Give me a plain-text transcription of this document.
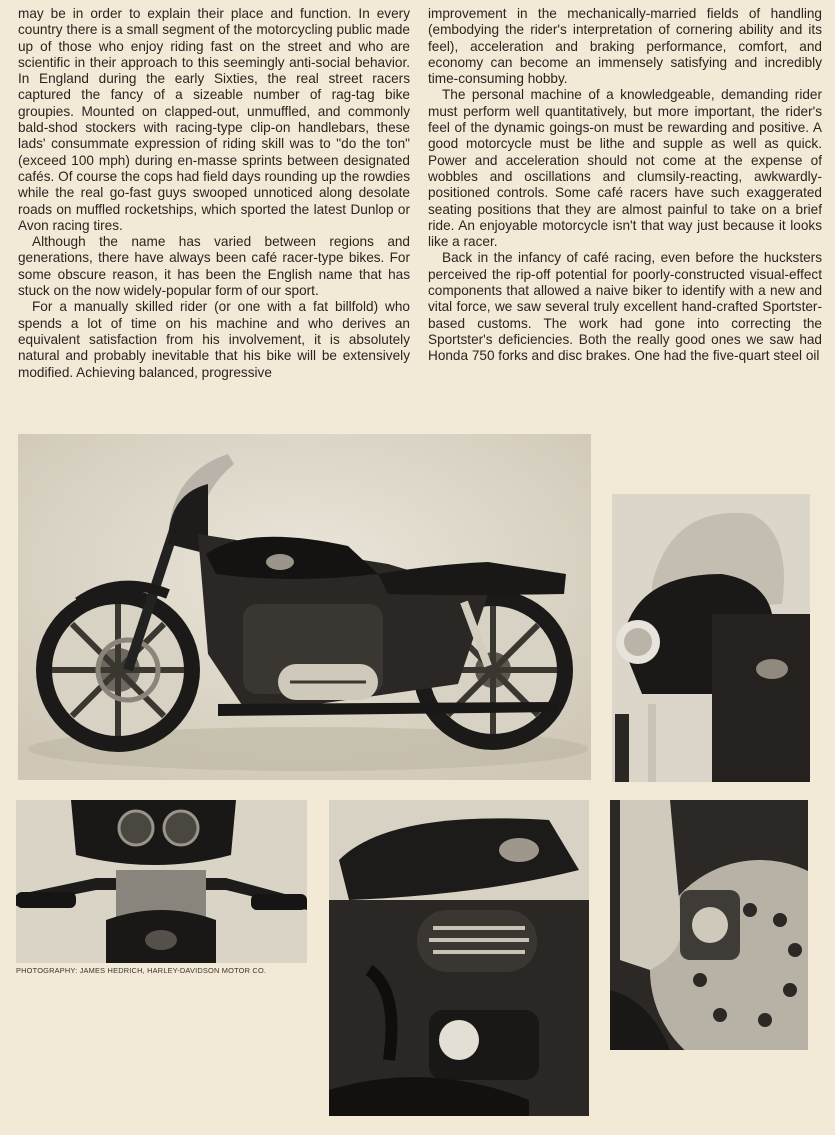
may be in order to explain their place and function. In every country there is a small segment of the motorcycling public made up of those who enjoy riding fast on the street and who are scientific in their approach to this seemingly anti-social behavior. In England during the early Sixties, the real street racers captured the fancy of a sizeable number of rag-tag bike groupies. Mounted on clapped-out, unmuffled, and commonly bald-shod stockers with racing-type clip-on handlebars, these lads' consummate expression of riding skill was to "do the ton" (exceed 100 mph) during en-masse sprints between designated cafés. Of course the cops had field days rounding up the rowdies while the real go-fast guys swooped unnoticed along desolate roads on muffled rocketships, which sported the latest Dunlop or Avon racing tires.

Although the name has varied between regions and generations, there have always been café racer-type bikes. For some obscure reason, it has been the English name that has stuck on the now widely-popular form of our sport.

For a manually skilled rider (or one with a fat billfold) who spends a lot of time on his machine and who derives an equivalent satisfaction from his involvement, it is absolutely natural and probably inevitable that his bike will be extensively modified. Achieving balanced, progressive

improvement in the mechanically-married fields of handling (embodying the rider's interpretation of cornering ability and its feel), acceleration and braking performance, comfort, and economy can become an immensely satisfying and incredibly time-consuming hobby.

The personal machine of a knowledgeable, demanding rider must perform well quantitatively, but more important, the rider's feel of the dynamic goings-on must be rewarding and positive. A good motorcycle must be lithe and supple as well as quick. Power and acceleration should not come at the expense of wobbles and oscillations and clumsily-reacting, awkwardly-positioned controls. Some café racers have such exaggerated seating positions that they are almost painful to take on a brief ride. An enjoyable motorcycle isn't that way just because it looks like a racer.

Back in the infancy of café racing, even before the hucksters perceived the rip-off potential for poorly-constructed visual-effect components that allowed a naive biker to identify with a new and vital force, we saw several truly excellent hand-crafted Sportster-based customs. The work had gone into correcting the Sportster's deficiencies. Both the really good ones we saw had Honda 750 forks and disc brakes. One had the five-quart steel oil

PHOTOGRAPHY: JAMES HEDRICH, HARLEY-DAVIDSON MOTOR CO.
